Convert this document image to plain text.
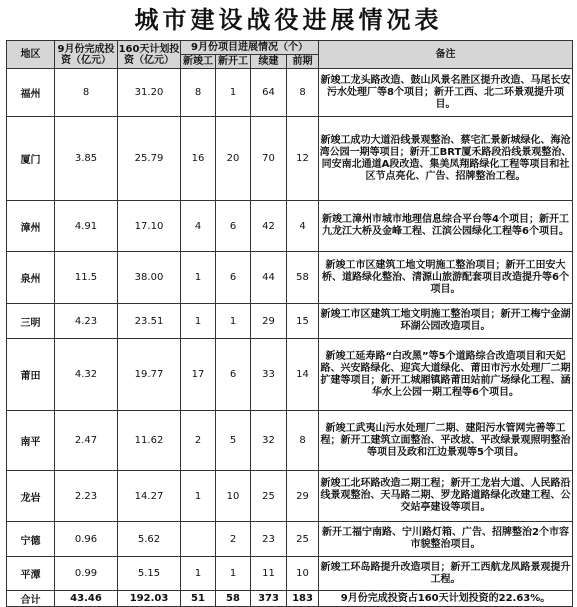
城市建设战役进展情况表
地区	9月份完成投资（亿元）	160天计划投资（亿元）	9月份项目进展情况（个）				备注
			新竣工	新开工	续建	前期	
福州	8	31.20	8	1	64	8	新竣工龙头路改造、鼓山风景名胜区提升改造、马尾长安污水处理厂等8个项目；新开工西、北二环景观提升项目。
厦门	3.85	25.79	16	20	70	12	新竣工成功大道沿线景观整治、蔡宅汇景新城绿化、海沧湾公园一期等项目；新开工BRT厦禾路段沿线景观整治、同安南北通道A段改造、集美凤翔路绿化工程等项目和社区节点亮化、广告、招牌整治工程。
漳州	4.91	17.10	4	6	42	4	新竣工漳州市城市地理信息综合平台等4个项目；新开工九龙江大桥及金峰工程、江滨公园绿化工程等6个项目。
泉州	11.5	38.00	1	6	44	58	新竣工市区建筑工地文明施工整治项目；新开工田安大桥、道路绿化整治、清源山旅游配套项目改造提升等6个项目。
三明	4.23	23.51	1	1	29	15	新竣工市区建筑工地文明施工整治项目；新开工梅宁金湖环湖公园改造项目。
莆田	4.32	19.77	17	6	33	14	新竣工延寿路“白改黑”等5个道路综合改造项目和天妃路、兴安路绿化、迎宾大道绿化、莆田市污水处理厂二期扩建等项目；新开工城厢镇路莆田站前广场绿化工程、涵华水上公园一期工程等6个项目。
南平	2.47	11.62	2	5	32	8	新竣工武夷山污水处理厂二期、建阳污水管网完善等工程；新开工建筑立面整治、平改坡、平改绿景观照明整治等项目及政和江边景观等5个项目。
龙岩	2.23	14.27	1	10	25	29	新竣工北环路改造二期工程；新开工龙岩大道、人民路沿线景观整治、天马路二期、罗龙路道路绿化改建工程、公交站亭建设等项目。
宁德	0.96	5.62		2	23	25	新开工福宁南路、宁川路灯箱、广告、招牌整治2个市容市貌整治项目。
平潭	0.99	5.15	1	1	11	10	新竣工环岛路提升改造项目；新开工西航龙凤路景观提升工程。
合计	43.46	192.03	51	58	373	183	9月份完成投资占160天计划投资的22.63%。
